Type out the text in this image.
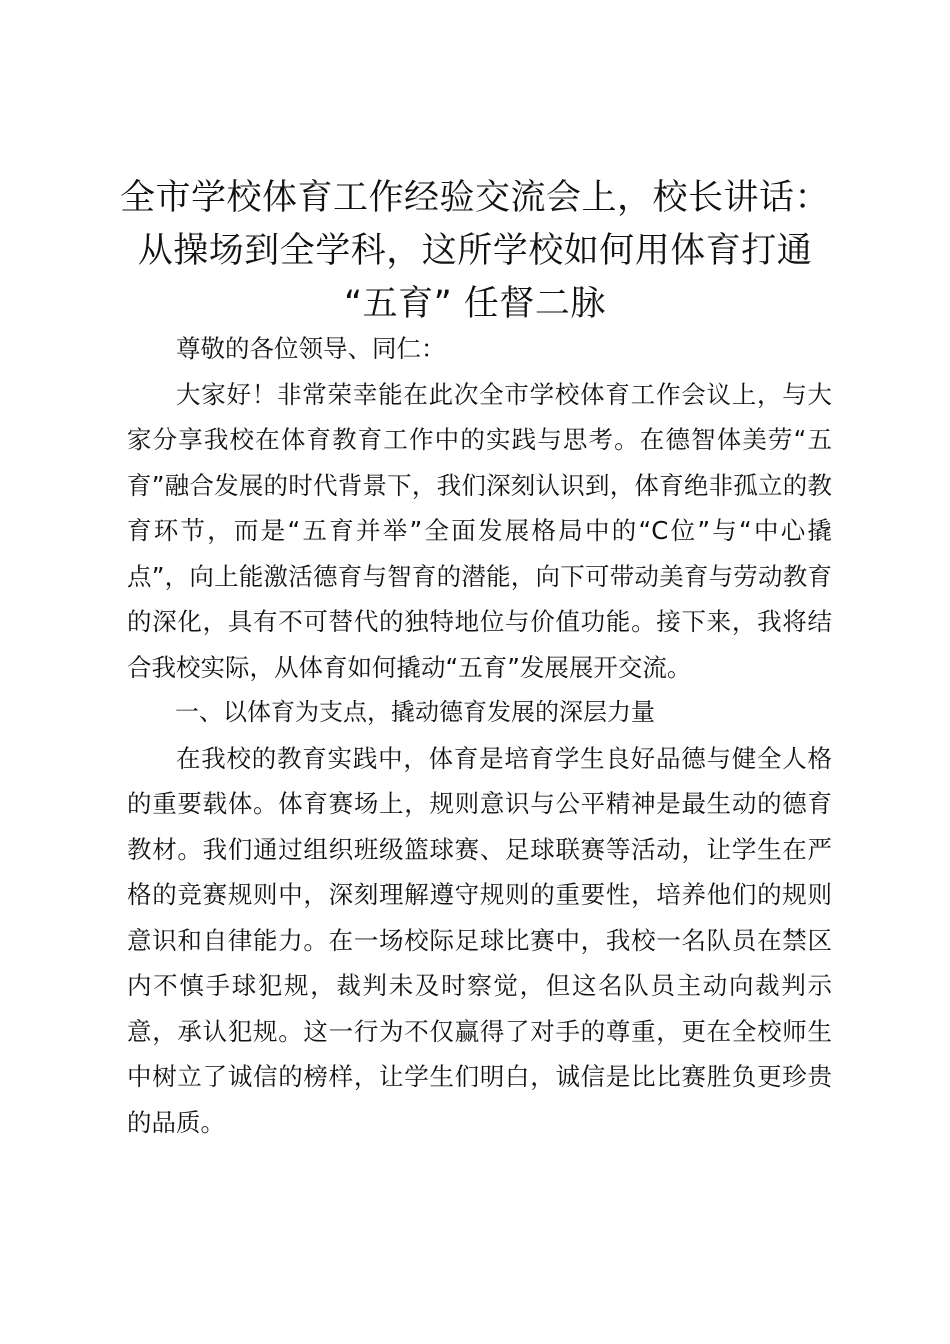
全市学校体育工作经验交流会上，校长讲话：
从操场到全学科，这所学校如何用体育打通
“五育” 任督二脉

尊敬的各位领导、同仁：

大家好！非常荣幸能在此次全市学校体育工作会议上，与大家分享我校在体育教育工作中的实践与思考。在德智体美劳“五育”融合发展的时代背景下，我们深刻认识到，体育绝非孤立的教育环节，而是“五育并举”全面发展格局中的“C位”与“中心撬点”，向上能激活德育与智育的潜能，向下可带动美育与劳动教育的深化，具有不可替代的独特地位与价值功能。接下来，我将结合我校实际，从体育如何撬动“五育”发展展开交流。

一、以体育为支点，撬动德育发展的深层力量

在我校的教育实践中，体育是培育学生良好品德与健全人格的重要载体。体育赛场上，规则意识与公平精神是最生动的德育教材。我们通过组织班级篮球赛、足球联赛等活动，让学生在严格的竞赛规则中，深刻理解遵守规则的重要性，培养他们的规则意识和自律能力。在一场校际足球比赛中，我校一名队员在禁区内不慎手球犯规，裁判未及时察觉，但这名队员主动向裁判示意，承认犯规。这一行为不仅赢得了对手的尊重，更在全校师生中树立了诚信的榜样，让学生们明白，诚信是比比赛胜负更珍贵的品质。
